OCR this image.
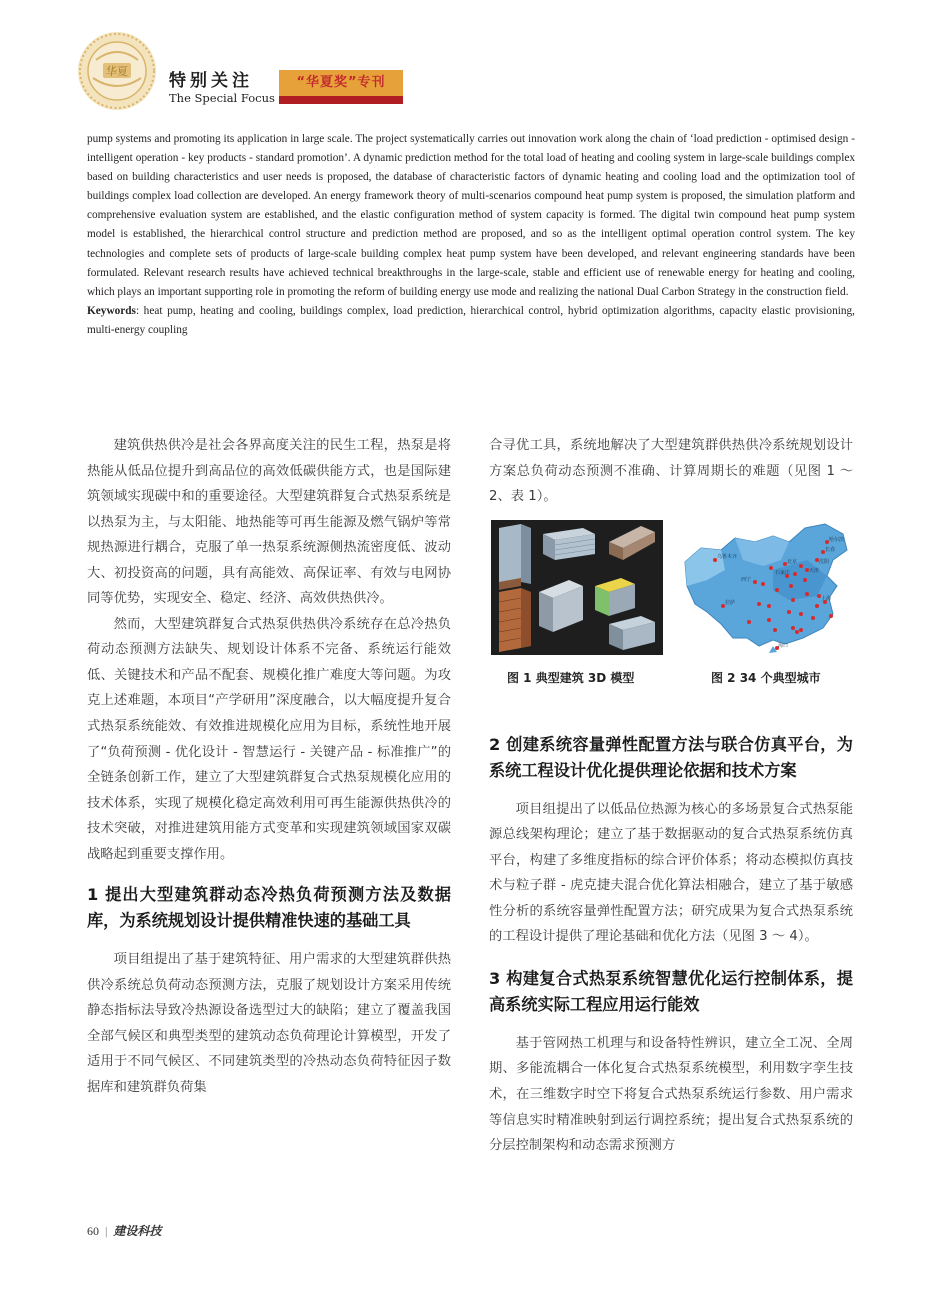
华夏 特别关注
The Special Focus
“华夏奖”专刊

pump systems and promoting its application in large scale. The project systematically carries out innovation work along the chain of ‘load prediction - optimised design - intelligent operation - key products - standard promotion’. A dynamic prediction method for the total load of heating and cooling system in large-scale buildings complex based on building characteristics and user needs is proposed, the database of characteristic factors of dynamic heating and cooling load and the optimization tool of buildings complex load collection are developed. An energy framework theory of multi-scenarios compound heat pump system is proposed, the simulation platform and comprehensive evaluation system are established, and the elastic configuration method of system capacity is formed. The digital twin compound heat pump system model is established, the hierarchical control structure and prediction method are proposed, and so as the intelligent optimal operation control system. The key technologies and complete sets of products of large-scale building complex heat pump system have been developed, and relevant engineering standards have been formulated. Relevant research results have achieved technical breakthroughs in the large-scale, stable and efficient use of renewable energy for heating and cooling, which plays an important supporting role in promoting the reform of building energy use mode and realizing the national Dual Carbon Strategy in the construction field.

Keywords: heat pump, heating and cooling, buildings complex, load prediction, hierarchical control, hybrid optimization algorithms, capacity elastic provisioning, multi-energy coupling

建筑供热供冷是社会各界高度关注的民生工程，热泵是将热能从低品位提升到高品位的高效低碳供能方式，也是国际建筑领域实现碳中和的重要途径。大型建筑群复合式热泵系统是以热泵为主，与太阳能、地热能等可再生能源及燃气锅炉等常规热源进行耦合，克服了单一热泵系统源侧热流密度低、波动大、初投资高的问题，具有高能效、高保证率、有效与电网协同等优势，实现安全、稳定、经济、高效供热供冷。

然而，大型建筑群复合式热泵供热供冷系统存在总冷热负荷动态预测方法缺失、规划设计体系不完备、系统运行能效低、关键技术和产品不配套、规模化推广难度大等问题。为攻克上述难题，本项目“产学研用”深度融合，以大幅度提升复合式热泵系统能效、有效推进规模化应用为目标，系统性地开展了“负荷预测 - 优化设计 - 智慧运行 - 关键产品 - 标准推广”的全链条创新工作，建立了大型建筑群复合式热泵规模化应用的技术体系，实现了规模化稳定高效利用可再生能源供热供冷的技术突破，对推进建筑用能方式变革和实现建筑领域国家双碳战略起到重要支撑作用。

1 提出大型建筑群动态冷热负荷预测方法及数据库，为系统规划设计提供精准快速的基础工具

项目组提出了基于建筑特征、用户需求的大型建筑群供热供冷系统总负荷动态预测方法，克服了规划设计方案采用传统静态指标法导致冷热源设备选型过大的缺陷；建立了覆盖我国全部气候区和典型类型的建筑动态负荷理论计算模型，开发了适用于不同气候区、不同建筑类型的冷热动态负荷特征因子数据库和建筑群负荷集

合寻优工具，系统地解决了大型建筑群供热供冷系统规划设计方案总负荷动态预测不准确、计算周期长的难题（见图 1 ～ 2、表 1）。

2 创建系统容量弹性配置方法与联合仿真平台，为系统工程设计优化提供理论依据和技术方案

项目组提出了以低品位热源为核心的多场景复合式热泵能源总线架构理论；建立了基于数据驱动的复合式热泵系统仿真平台，构建了多维度指标的综合评价体系；将动态模拟仿真技术与粒子群 - 虎克捷夫混合优化算法相融合，建立了基于敏感性分析的系统容量弹性配置方法；研究成果为复合式热泵系统的工程设计提供了理论基础和优化方法（见图 3 ～ 4）。

3 构建复合式热泵系统智慧优化运行控制体系，提高系统实际工程应用运行能效

基于管网热工机理与和设备特性辨识，建立全工况、全周期、多能流耦合一体化复合式热泵系统模型，利用数字孪生技术，在三维数字时空下将复合式热泵系统运行参数、用户需求等信息实时精准映射到运行调控系统；提出复合式热泵系统的分层控制架构和动态需求预测方

哈尔滨
长春
沈阳
北京
天津
石家庄
乌鲁木齐
拉萨
西宁
上海
海口
图 1 典型建筑 3D 模型	图 2 34 个典型城市
60 | 建设科技
